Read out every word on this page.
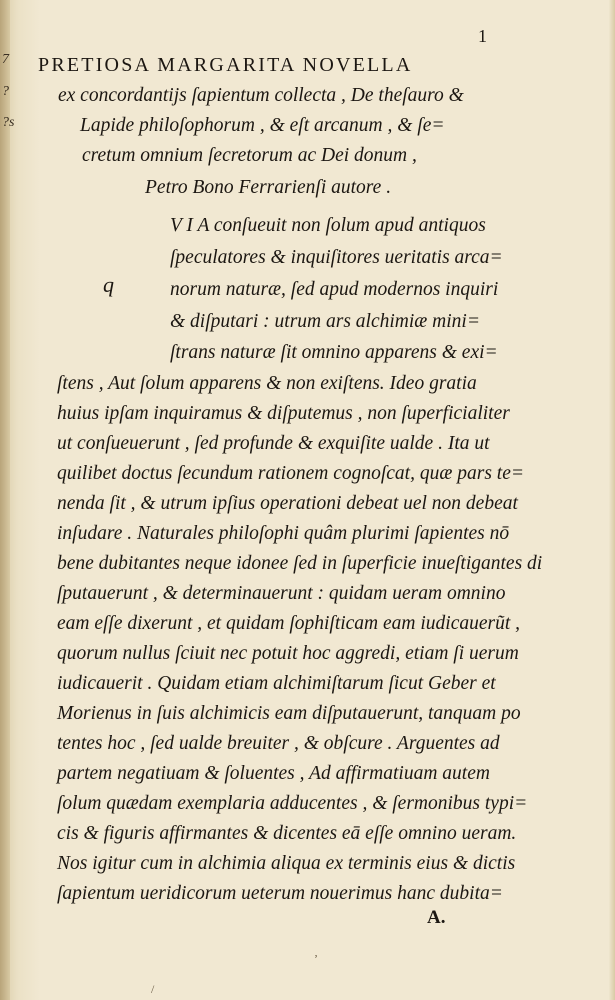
7
?
?s
1
PRETIOSA MARGARITA NOVELLA
ex concordantijs ſapientum collecta , De theſauro &
Lapide philoſophorum , & eſt arcanum , & ſe=
cretum omnium ſecretorum ac Dei donum ,
Petro Bono Ferrarienſi autore .
q
V I A conſueuit non ſolum apud antiquos
ſpeculatores & inquiſitores ueritatis arca=
norum naturæ, ſed apud modernos inquiri
& diſputari : utrum ars alchimiæ mini=
ſtrans naturæ ſit omnino apparens & exi=
ſtens , Aut ſolum apparens & non exiſtens. Ideo gratia
huius ipſam inquiramus & diſputemus , non ſuperficialiter
ut conſueuerunt , ſed profunde & exquiſite ualde . Ita ut
quilibet doctus ſecundum rationem cognoſcat, quæ pars te=
nenda ſit , & utrum ipſius operationi debeat uel non debeat
inſudare . Naturales philoſophi quâm plurimi ſapientes nō
bene dubitantes neque idonee ſed in ſuperficie inueſtigantes di
ſputauerunt , & determinauerunt : quidam ueram omnino
eam eſſe dixerunt , et quidam ſophiſticam eam iudicauerũt ,
quorum nullus ſciuit nec potuit hoc aggredi, etiam ſi uerum
iudicauerit . Quidam etiam alchimiſtarum ſicut Geber et
Morienus in ſuis alchimicis eam diſputauerunt, tanquam po
tentes hoc , ſed ualde breuiter , & obſcure . Arguentes ad
partem negatiuam & ſoluentes , Ad affirmatiuam autem
ſolum quædam exemplaria adducentes , & ſermonibus typi=
cis & figuris affirmantes & dicentes eā eſſe omnino ueram.
Nos igitur cum in alchimia aliqua ex terminis eius & dictis
ſapientum ueridicorum ueterum nouerimus hanc dubita=
A.
ʼ
/
